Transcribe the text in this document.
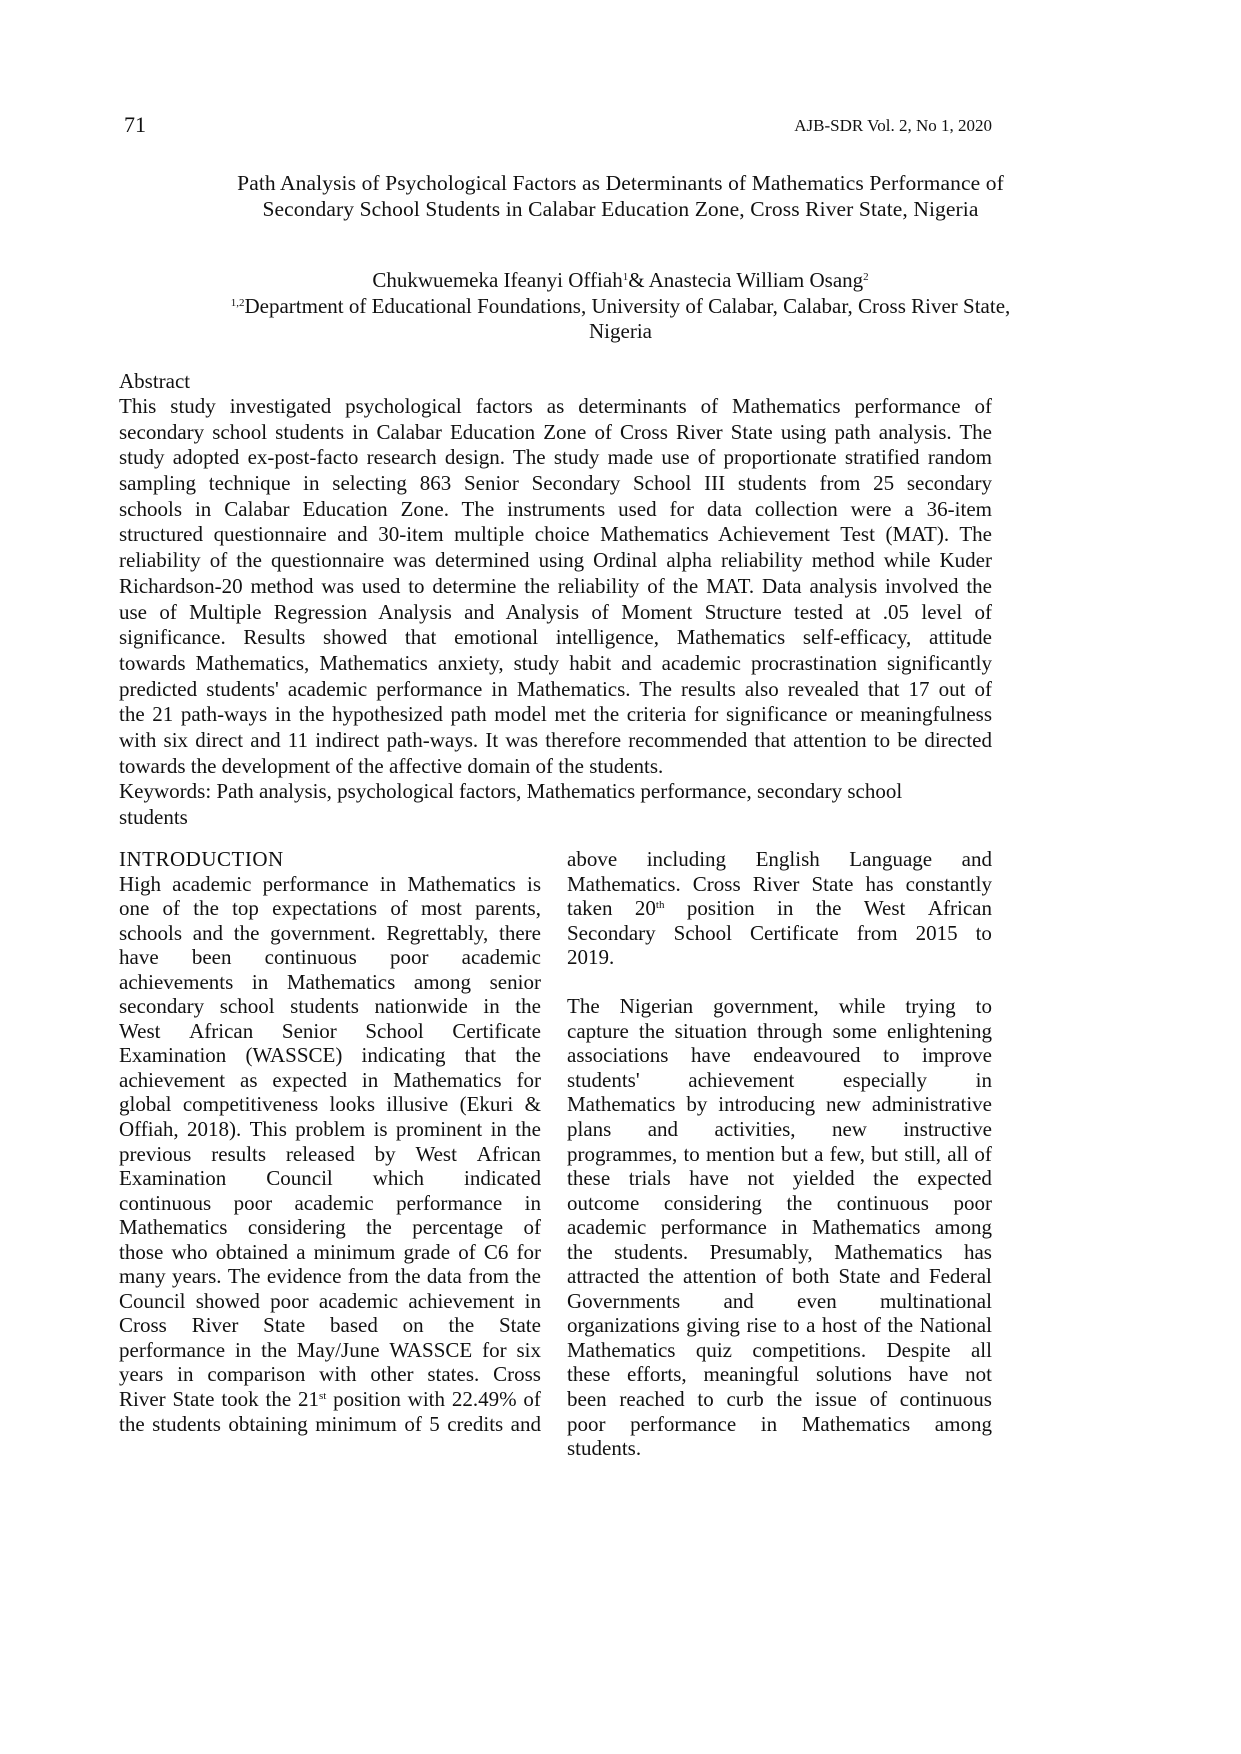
71	AJB-SDR Vol. 2, No 1, 2020
Path Analysis of Psychological Factors as Determinants of Mathematics Performance of
Secondary School Students in Calabar Education Zone, Cross River State, Nigeria
Chukwuemeka Ifeanyi Offiah$^1$& Anastecia William Osang$^2$
$^{1,2}$Department of Educational Foundations, University of Calabar, Calabar, Cross River State,
Nigeria
Abstract
This study investigated psychological factors as determinants of Mathematics performance of
secondary school students in Calabar Education Zone of Cross River State using path analysis. The
study adopted ex-post-facto research design. The study made use of proportionate stratified random
sampling technique in selecting 863 Senior Secondary School III students from 25 secondary
schools in Calabar Education Zone. The instruments used for data collection were a 36-item
structured questionnaire and 30-item multiple choice Mathematics Achievement Test (MAT). The
reliability of the questionnaire was determined using Ordinal alpha reliability method while Kuder
Richardson-20 method was used to determine the reliability of the MAT. Data analysis involved the
use of Multiple Regression Analysis and Analysis of Moment Structure tested at .05 level of
significance. Results showed that emotional intelligence, Mathematics self-efficacy, attitude
towards Mathematics, Mathematics anxiety, study habit and academic procrastination significantly
predicted students' academic performance in Mathematics. The results also revealed that 17 out of
the 21 path-ways in the hypothesized path model met the criteria for significance or meaningfulness
with six direct and 11 indirect path-ways. It was therefore recommended that attention to be directed
towards the development of the affective domain of the students.
Keywords: Path analysis, psychological factors, Mathematics performance, secondary school
students
INTRODUCTION
High academic performance in Mathematics is
one of the top expectations of most parents,
schools and the government. Regrettably, there
have been continuous poor academic
achievements in Mathematics among senior
secondary school students nationwide in the
West African Senior School Certificate
Examination (WASSCE) indicating that the
achievement as expected in Mathematics for
global competitiveness looks illusive (Ekuri &
Offiah, 2018). This problem is prominent in the
previous results released by West African
Examination Council which indicated
continuous poor academic performance in
Mathematics considering the percentage of
those who obtained a minimum grade of C6 for
many years. The evidence from the data from the
Council showed poor academic achievement in
Cross River State based on the State
performance in the May/June WASSCE for six
years in comparison with other states. Cross
River State took the 21st position with 22.49% of
the students obtaining minimum of 5 credits and
above including English Language and
Mathematics. Cross River State has constantly
taken 20th position in the West African
Secondary School Certificate from 2015 to
2019.
The Nigerian government, while trying to
capture the situation through some enlightening
associations have endeavoured to improve
students' achievement especially in
Mathematics by introducing new administrative
plans and activities, new instructive
programmes, to mention but a few, but still, all of
these trials have not yielded the expected
outcome considering the continuous poor
academic performance in Mathematics among
the students. Presumably, Mathematics has
attracted the attention of both State and Federal
Governments and even multinational
organizations giving rise to a host of the National
Mathematics quiz competitions. Despite all
these efforts, meaningful solutions have not
been reached to curb the issue of continuous
poor performance in Mathematics among
students.
